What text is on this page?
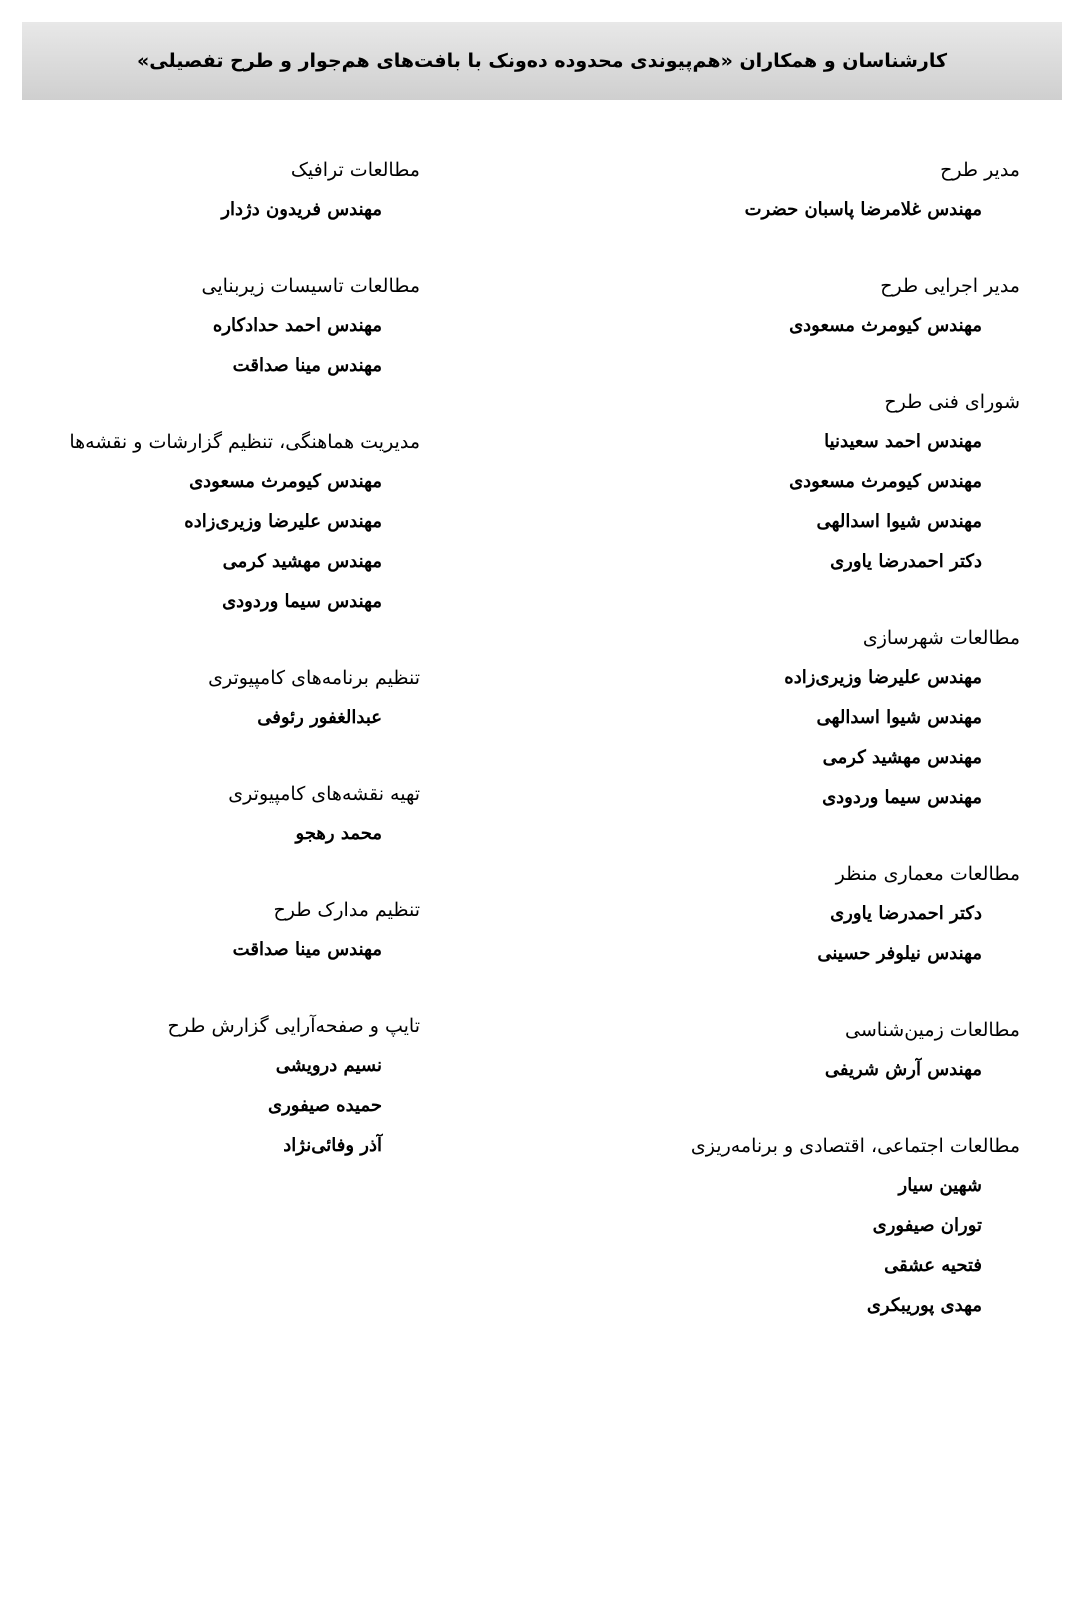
کارشناسان و همکاران «هم‌پیوندی محدوده دەونک با بافت‌های هم‌جوار و طرح تفصیلی»
مدیر طرح
مهندس غلامرضا پاسبان حضرت
مدیر اجرایی طرح
مهندس کیومرث مسعودی
شورای فنی طرح
مهندس احمد سعیدنیا
مهندس کیومرث مسعودی
مهندس شیوا اسدالهی
دکتر احمدرضا یاوری
مطالعات شهرسازی
مهندس علیرضا وزیری‌زاده
مهندس شیوا اسدالهی
مهندس مهشید کرمی
مهندس سیما وردودی
مطالعات معماری منظر
دکتر احمدرضا یاوری
مهندس نیلوفر حسینی
مطالعات زمین‌شناسی
مهندس آرش شریفی
مطالعات اجتماعی، اقتصادی و برنامه‌ریزی
شهین سیار
توران صیفوری
فتحیه عشقی
مهدی پوریبکری
مطالعات ترافیک
مهندس فریدون دژدار
مطالعات تاسیسات زیربنایی
مهندس احمد حدادکاره
مهندس مینا صداقت
مدیریت هماهنگی، تنظیم گزارشات و نقشه‌ها
مهندس کیومرث مسعودی
مهندس علیرضا وزیری‌زاده
مهندس مهشید کرمی
مهندس سیما وردودی
تنظیم برنامه‌های کامپیوتری
عبدالغفور رئوفی
تهیه نقشه‌های کامپیوتری
محمد رهجو
تنظیم مدارک طرح
مهندس مینا صداقت
تایپ و صفحه‌آرایی گزارش طرح
نسیم درویشی
حمیده صیفوری
آذر وفائی‌نژاد
